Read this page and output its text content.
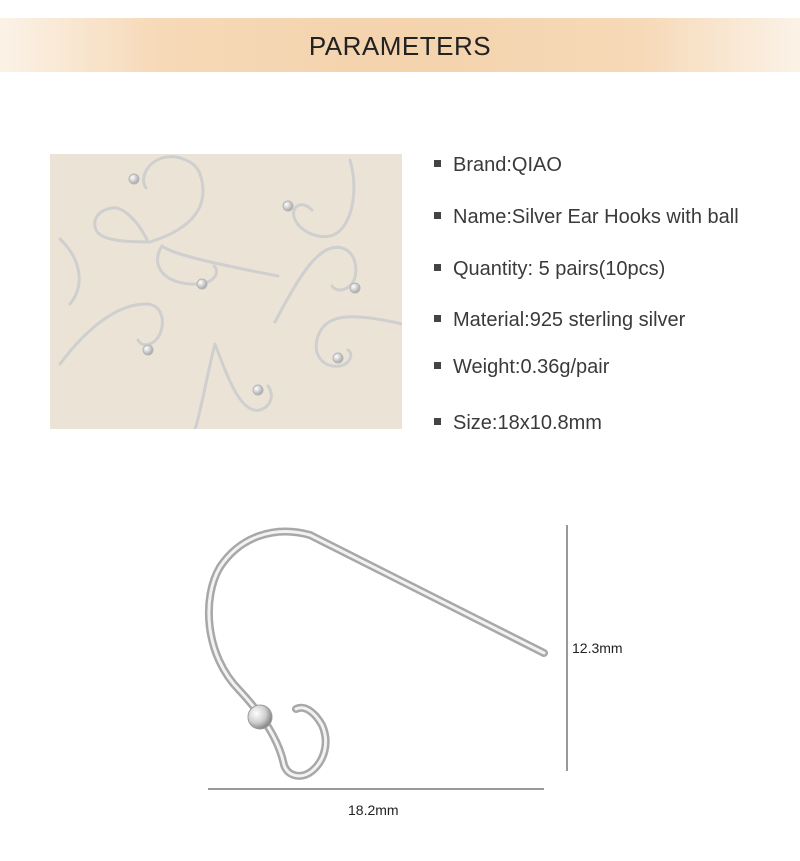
PARAMETERS
Brand:QIAO
Name:Silver Ear Hooks with ball
Quantity: 5 pairs(10pcs)
Material:925 sterling silver
Weight:0.36g/pair
Size:18x10.8mm
12.3mm
18.2mm
